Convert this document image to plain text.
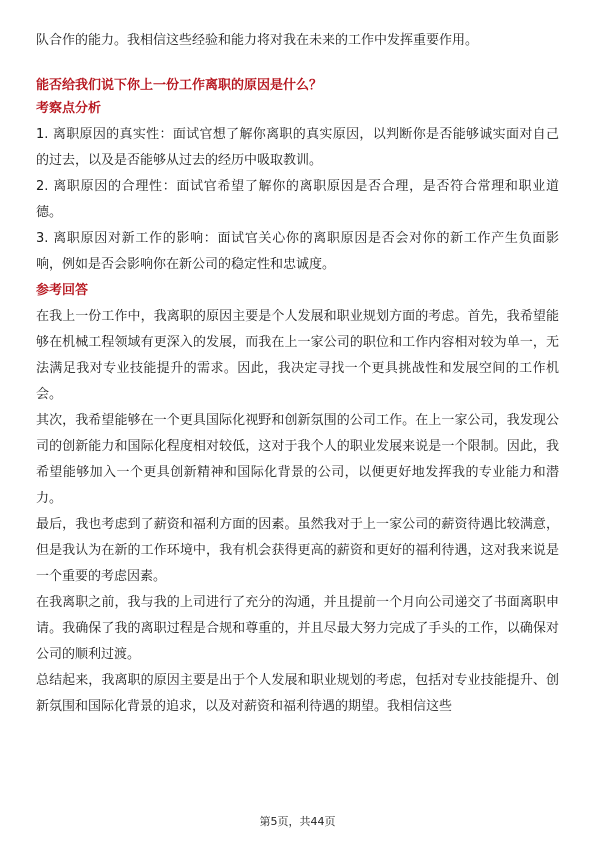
队合作的能力。我相信这些经验和能力将对我在未来的工作中发挥重要作用。

能否给我们说下你上一份工作离职的原因是什么？
考察点分析

1. 离职原因的真实性：面试官想了解你离职的真实原因，以判断你是否能够诚实面对自己的过去，以及是否能够从过去的经历中吸取教训。

2. 离职原因的合理性：面试官希望了解你的离职原因是否合理，是否符合常理和职业道德。

3. 离职原因对新工作的影响：面试官关心你的离职原因是否会对你的新工作产生负面影响，例如是否会影响你在新公司的稳定性和忠诚度。

参考回答

在我上一份工作中，我离职的原因主要是个人发展和职业规划方面的考虑。首先，我希望能够在机械工程领域有更深入的发展，而我在上一家公司的职位和工作内容相对较为单一，无法满足我对专业技能提升的需求。因此，我决定寻找一个更具挑战性和发展空间的工作机会。

其次，我希望能够在一个更具国际化视野和创新氛围的公司工作。在上一家公司，我发现公司的创新能力和国际化程度相对较低，这对于我个人的职业发展来说是一个限制。因此，我希望能够加入一个更具创新精神和国际化背景的公司，以便更好地发挥我的专业能力和潜力。

最后，我也考虑到了薪资和福利方面的因素。虽然我对于上一家公司的薪资待遇比较满意，但是我认为在新的工作环境中，我有机会获得更高的薪资和更好的福利待遇，这对我来说是一个重要的考虑因素。

在我离职之前，我与我的上司进行了充分的沟通，并且提前一个月向公司递交了书面离职申请。我确保了我的离职过程是合规和尊重的，并且尽最大努力完成了手头的工作，以确保对公司的顺利过渡。

总结起来，我离职的原因主要是出于个人发展和职业规划的考虑，包括对专业技能提升、创新氛围和国际化背景的追求，以及对薪资和福利待遇的期望。我相信这些

第5页，共44页
